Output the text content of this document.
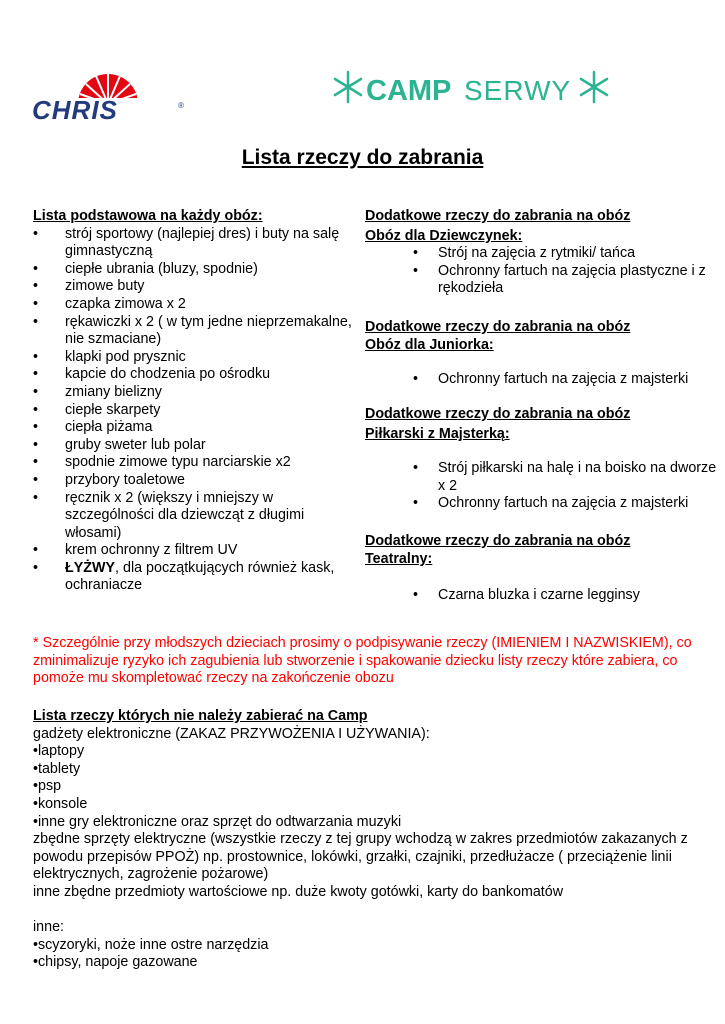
CHRIS	®	CAMP SERWY
Lista rzeczy do zabrania
Lista podstawowa na każdy obóz:
• strój sportowy (najlepiej dres) i buty na salę gimnastyczną
• ciepłe ubrania (bluzy, spodnie)
• zimowe buty
• czapka zimowa x 2
• rękawiczki x 2 ( w tym jedne nieprzemakalne, nie szmaciane)
• klapki pod prysznic
• kapcie do chodzenia po ośrodku
• zmiany bielizny
• ciepłe skarpety
• ciepła piżama
• gruby sweter lub polar
• spodnie zimowe typu narciarskie x2
• przybory toaletowe
• ręcznik x 2 (większy i mniejszy w szczególności dla dziewcząt z długimi włosami)
• krem ochronny z filtrem UV
• ŁYŻWY, dla początkujących również kask, ochraniacze
Dodatkowe rzeczy do zabrania na obóz
Obóz dla Dziewczynek:
• Strój na zajęcia z rytmiki/ tańca
• Ochronny fartuch na zajęcia plastyczne i z rękodzieła
Dodatkowe rzeczy do zabrania na obóz
Obóz dla Juniorka:
• Ochronny fartuch na zajęcia z majsterki
Dodatkowe rzeczy do zabrania na obóz
Piłkarski z Majsterką:
• Strój piłkarski na halę i na boisko na dworze x 2
• Ochronny fartuch na zajęcia z majsterki
Dodatkowe rzeczy do zabrania na obóz
Teatralny:
• Czarna bluzka i czarne legginsy
* Szczególnie przy młodszych dzieciach prosimy o podpisywanie rzeczy (IMIENIEM I NAZWISKIEM), co zminimalizuje ryzyko ich zagubienia lub stworzenie i spakowanie dziecku listy rzeczy które zabiera, co pomoże mu skompletować rzeczy na zakończenie obozu
Lista rzeczy których nie należy zabierać na Camp
gadżety elektroniczne (ZAKAZ PRZYWOŻENIA I UŻYWANIA):
•laptopy
•tablety
•psp
•konsole
•inne gry elektroniczne oraz sprzęt do odtwarzania muzyki
zbędne sprzęty elektryczne (wszystkie rzeczy z tej grupy wchodzą w zakres przedmiotów zakazanych z powodu przepisów PPOŻ) np. prostownice, lokówki, grzałki, czajniki, przedłużacze ( przeciążenie linii elektrycznych, zagrożenie pożarowe)
inne zbędne przedmioty wartościowe np. duże kwoty gotówki, karty do bankomatów
inne:
•scyzoryki, noże inne ostre narzędzia
•chipsy, napoje gazowane
